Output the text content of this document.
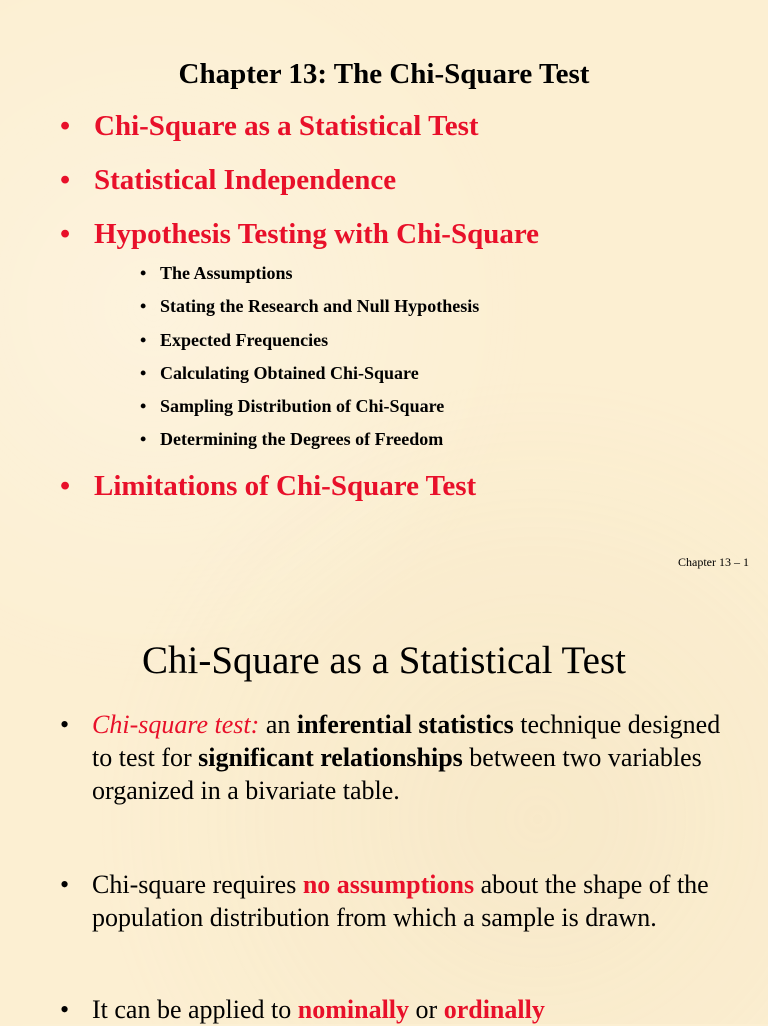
Chapter 13: The Chi-Square Test
• Chi-Square as a Statistical Test
• Statistical Independence
• Hypothesis Testing with Chi-Square
• The Assumptions
• Stating the Research and Null Hypothesis
• Expected Frequencies
• Calculating Obtained Chi-Square
• Sampling Distribution of Chi-Square
• Determining the Degrees of Freedom
• Limitations of Chi-Square Test

Chapter 13 – 1

Chi-Square as a Statistical Test
• Chi-square test: an inferential statistics technique designed to test for significant relationships between two variables organized in a bivariate table.
• Chi-square requires no assumptions about the shape of the population distribution from which a sample is drawn.
• It can be applied to nominally or ordinally
